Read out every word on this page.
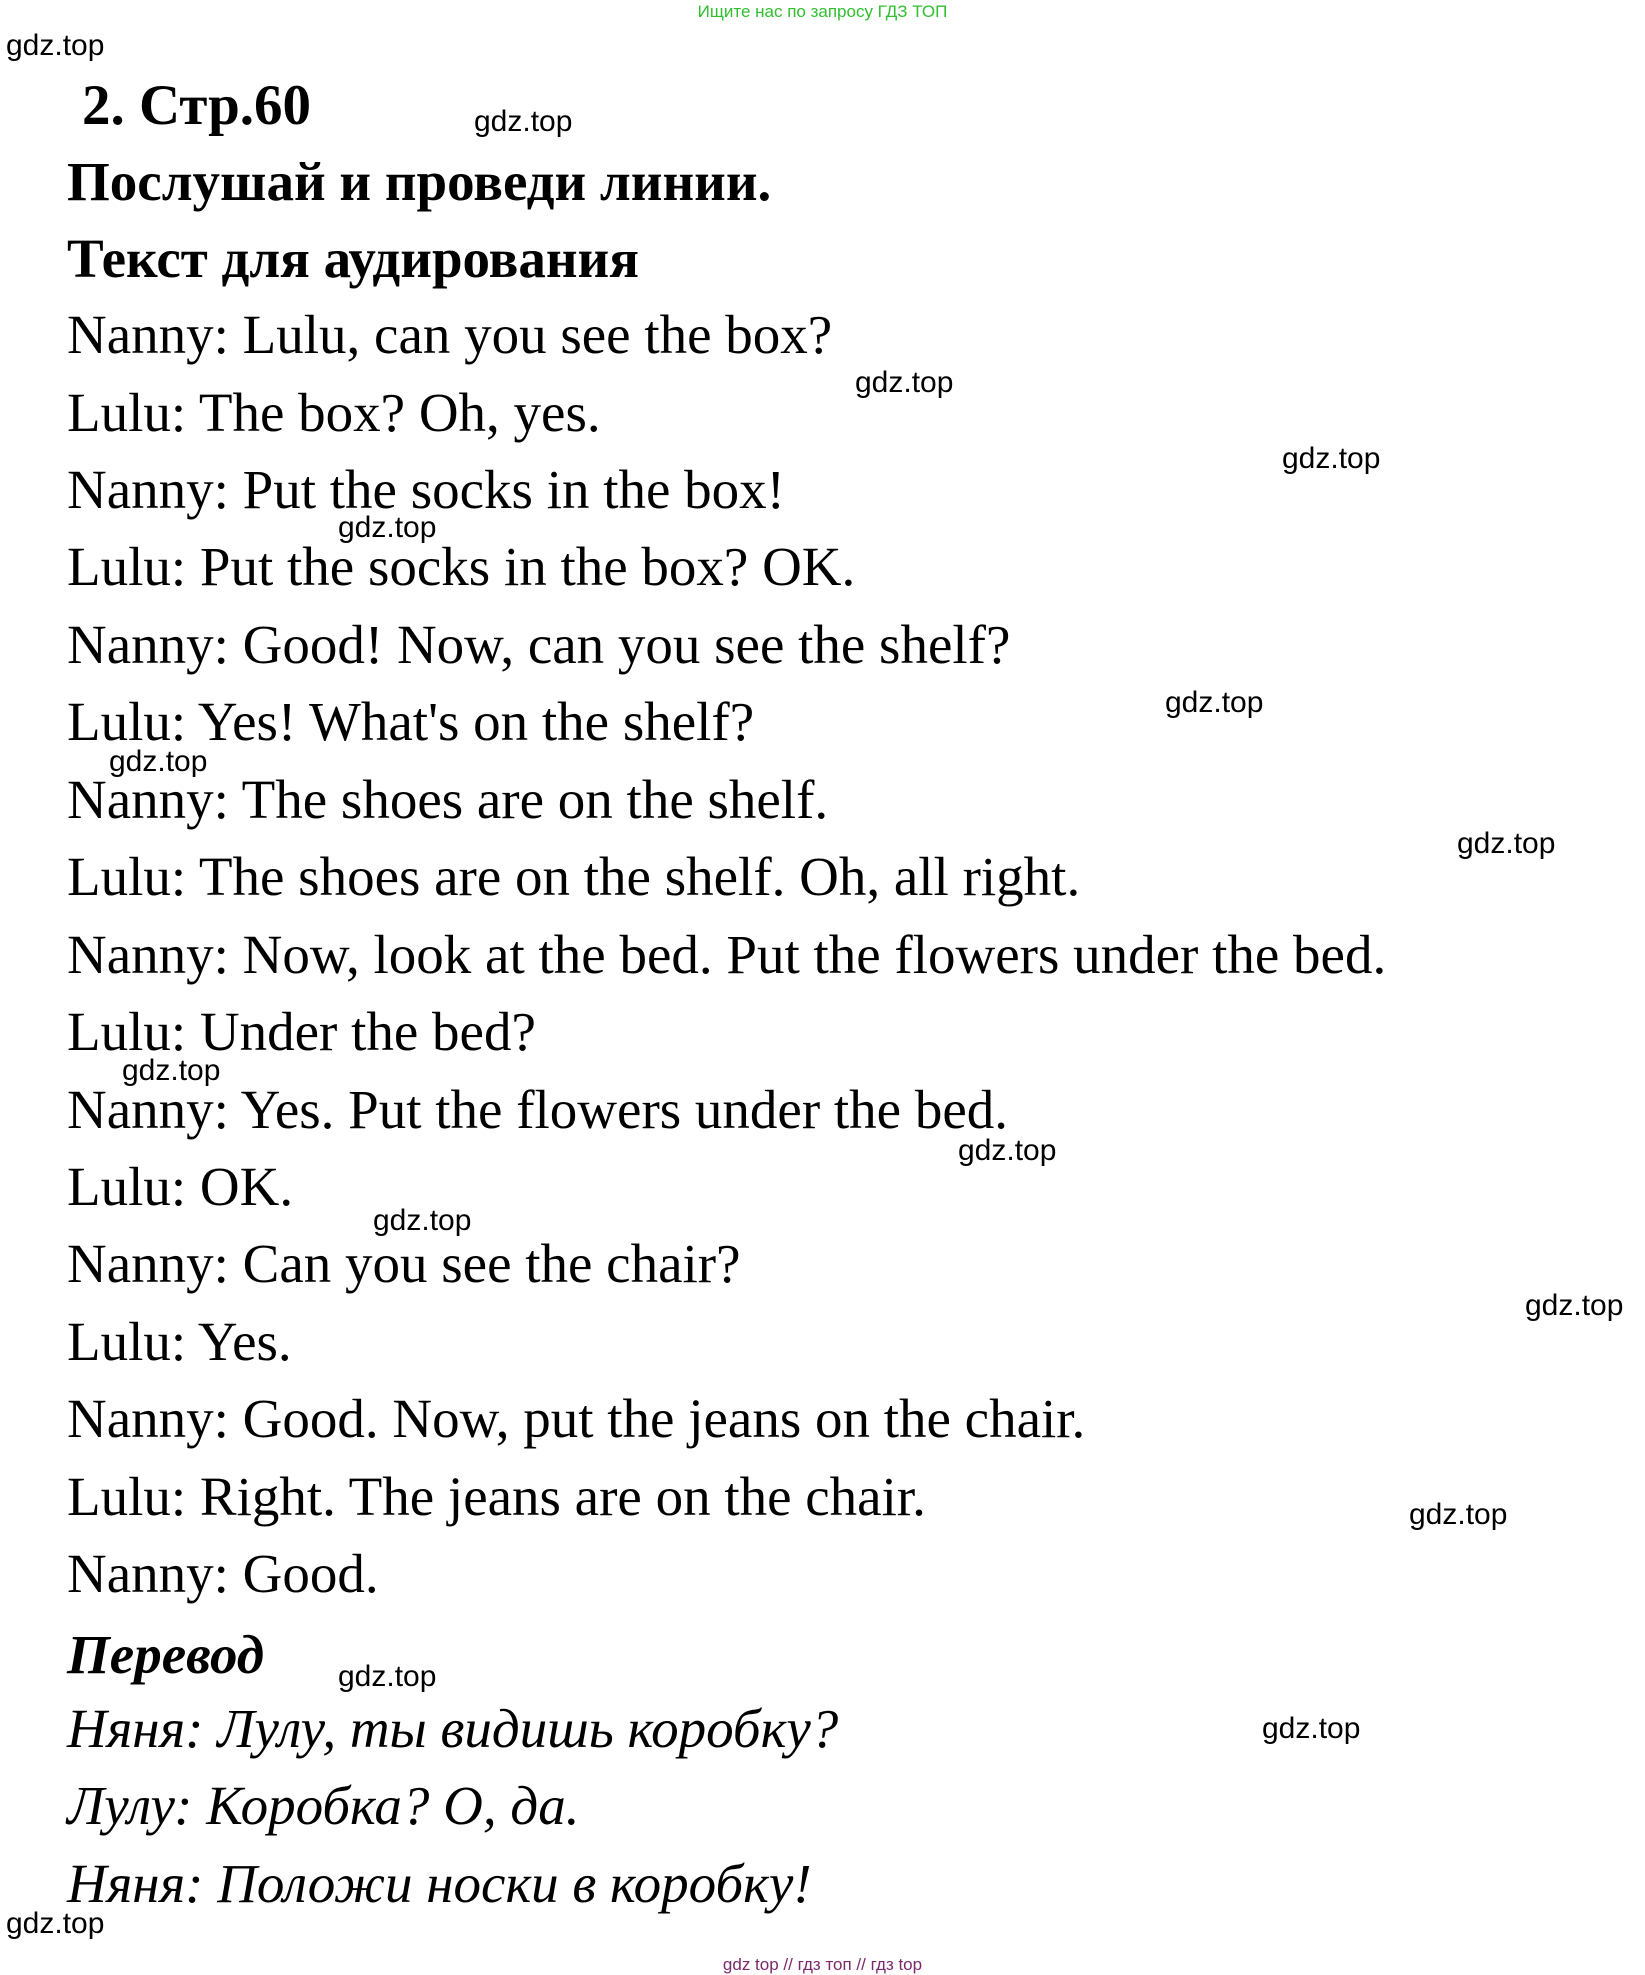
Ищите нас по запросу ГДЗ ТОП
2. Стр.60
Послушай и проведи линии.
Текст для аудирования
Nanny: Lulu, can you see the box?
Lulu: The box? Oh, yes.
Nanny: Put the socks in the box!
Lulu: Put the socks in the box? OK.
Nanny: Good! Now, can you see the shelf?
Lulu: Yes! What's on the shelf?
Nanny: The shoes are on the shelf.
Lulu: The shoes are on the shelf. Oh, all right.
Nanny: Now, look at the bed. Put the flowers under the bed.
Lulu: Under the bed?
Nanny: Yes. Put the flowers under the bed.
Lulu: OK.
Nanny: Can you see the chair?
Lulu: Yes.
Nanny: Good. Now, put the jeans on the chair.
Lulu: Right. The jeans are on the chair.
Nanny: Good.
Перевод
Няня: Лулу, ты видишь коробку?
Лулу: Коробка? О, да.
Няня: Положи носки в коробку!
gdz.top
gdz.top
gdz.top
gdz.top
gdz.top
gdz.top
gdz.top
gdz.top
gdz.top
gdz.top
gdz.top
gdz.top
gdz.top
gdz.top
gdz.top
gdz.top
gdz top // гдз топ // гдз top
